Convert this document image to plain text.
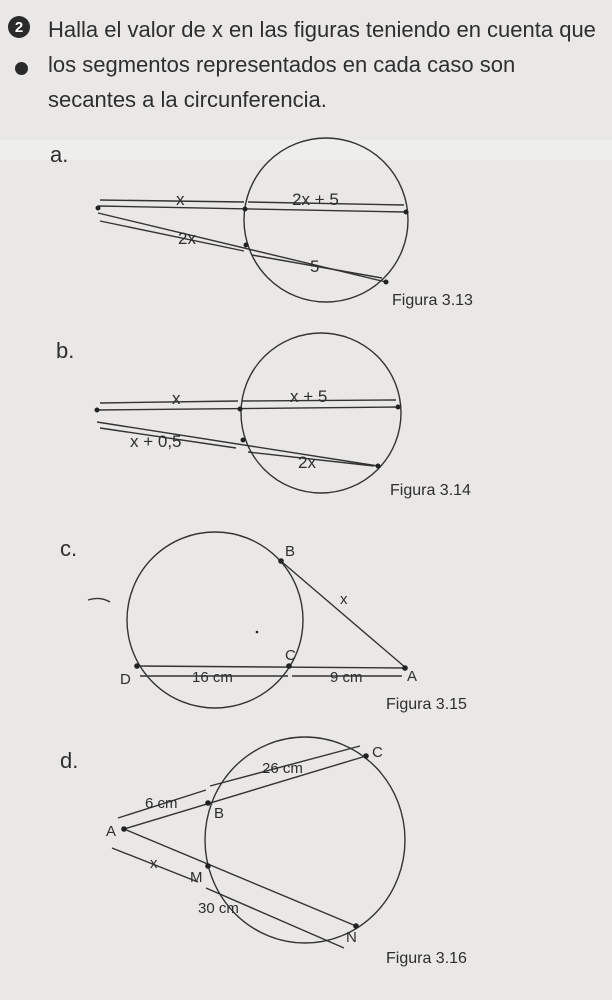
2	Halla el valor de x en las figuras teniendo en cuenta que los segmentos representados en cada caso son secantes a la circunferencia.
a.
x	2x + 5
2x
5
Figura 3.13
b.
x	x + 5
x + 0,5
2x
Figura 3.14
c.	B
C
D	A
x
16 cm	9 cm
Figura 3.15
d.
A
B
C
M
N
26 cm
6 cm
x
30 cm
Figura 3.16
